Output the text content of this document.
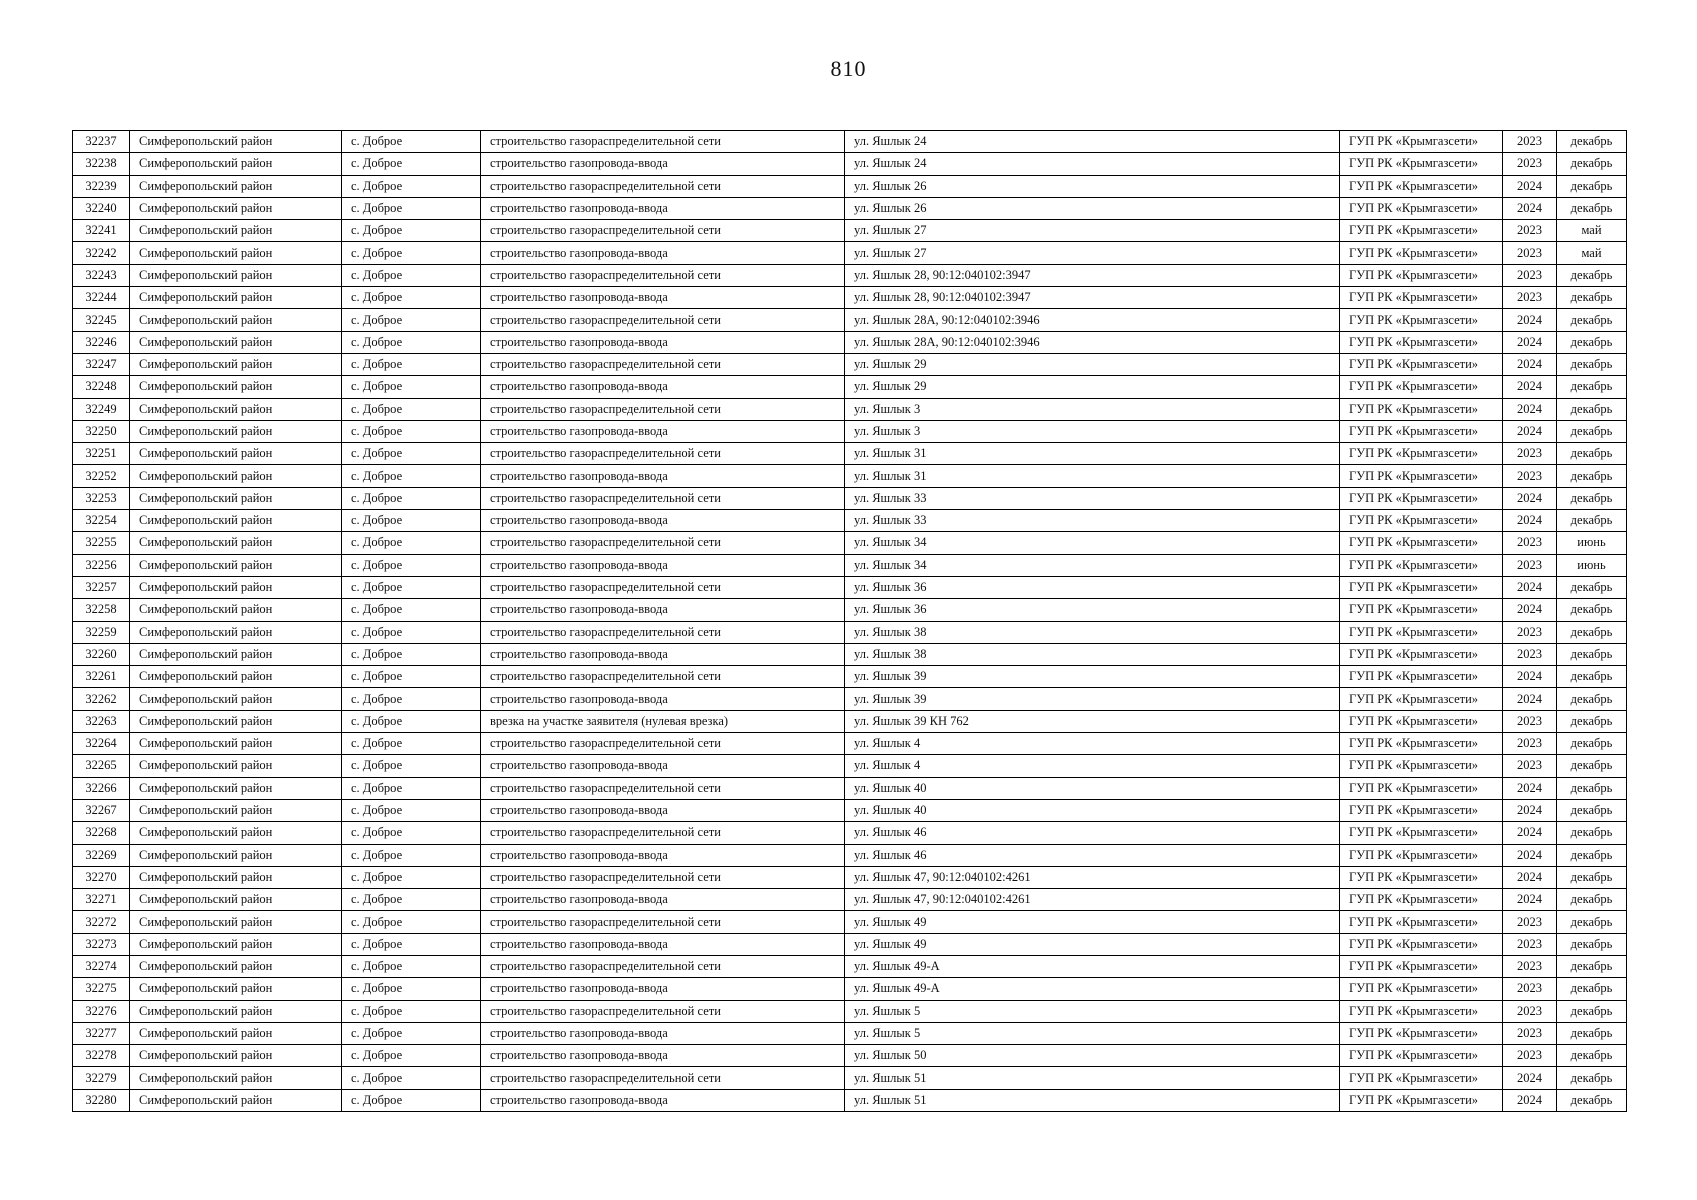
810
32237	Симферопольский район	с. Доброе	строительство газораспределительной сети	ул. Яшлык 24	ГУП РК «Крымгазсети»	2023	декабрь
32238	Симферопольский район	с. Доброе	строительство газопровода-ввода	ул. Яшлык 24	ГУП РК «Крымгазсети»	2023	декабрь
32239	Симферопольский район	с. Доброе	строительство газораспределительной сети	ул. Яшлык 26	ГУП РК «Крымгазсети»	2024	декабрь
32240	Симферопольский район	с. Доброе	строительство газопровода-ввода	ул. Яшлык 26	ГУП РК «Крымгазсети»	2024	декабрь
32241	Симферопольский район	с. Доброе	строительство газораспределительной сети	ул. Яшлык 27	ГУП РК «Крымгазсети»	2023	май
32242	Симферопольский район	с. Доброе	строительство газопровода-ввода	ул. Яшлык 27	ГУП РК «Крымгазсети»	2023	май
32243	Симферопольский район	с. Доброе	строительство газораспределительной сети	ул. Яшлык 28, 90:12:040102:3947	ГУП РК «Крымгазсети»	2023	декабрь
32244	Симферопольский район	с. Доброе	строительство газопровода-ввода	ул. Яшлык 28, 90:12:040102:3947	ГУП РК «Крымгазсети»	2023	декабрь
32245	Симферопольский район	с. Доброе	строительство газораспределительной сети	ул. Яшлык 28А, 90:12:040102:3946	ГУП РК «Крымгазсети»	2024	декабрь
32246	Симферопольский район	с. Доброе	строительство газопровода-ввода	ул. Яшлык 28А, 90:12:040102:3946	ГУП РК «Крымгазсети»	2024	декабрь
32247	Симферопольский район	с. Доброе	строительство газораспределительной сети	ул. Яшлык 29	ГУП РК «Крымгазсети»	2024	декабрь
32248	Симферопольский район	с. Доброе	строительство газопровода-ввода	ул. Яшлык 29	ГУП РК «Крымгазсети»	2024	декабрь
32249	Симферопольский район	с. Доброе	строительство газораспределительной сети	ул. Яшлык 3	ГУП РК «Крымгазсети»	2024	декабрь
32250	Симферопольский район	с. Доброе	строительство газопровода-ввода	ул. Яшлык 3	ГУП РК «Крымгазсети»	2024	декабрь
32251	Симферопольский район	с. Доброе	строительство газораспределительной сети	ул. Яшлык 31	ГУП РК «Крымгазсети»	2023	декабрь
32252	Симферопольский район	с. Доброе	строительство газопровода-ввода	ул. Яшлык 31	ГУП РК «Крымгазсети»	2023	декабрь
32253	Симферопольский район	с. Доброе	строительство газораспределительной сети	ул. Яшлык 33	ГУП РК «Крымгазсети»	2024	декабрь
32254	Симферопольский район	с. Доброе	строительство газопровода-ввода	ул. Яшлык 33	ГУП РК «Крымгазсети»	2024	декабрь
32255	Симферопольский район	с. Доброе	строительство газораспределительной сети	ул. Яшлык 34	ГУП РК «Крымгазсети»	2023	июнь
32256	Симферопольский район	с. Доброе	строительство газопровода-ввода	ул. Яшлык 34	ГУП РК «Крымгазсети»	2023	июнь
32257	Симферопольский район	с. Доброе	строительство газораспределительной сети	ул. Яшлык 36	ГУП РК «Крымгазсети»	2024	декабрь
32258	Симферопольский район	с. Доброе	строительство газопровода-ввода	ул. Яшлык 36	ГУП РК «Крымгазсети»	2024	декабрь
32259	Симферопольский район	с. Доброе	строительство газораспределительной сети	ул. Яшлык 38	ГУП РК «Крымгазсети»	2023	декабрь
32260	Симферопольский район	с. Доброе	строительство газопровода-ввода	ул. Яшлык 38	ГУП РК «Крымгазсети»	2023	декабрь
32261	Симферопольский район	с. Доброе	строительство газораспределительной сети	ул. Яшлык 39	ГУП РК «Крымгазсети»	2024	декабрь
32262	Симферопольский район	с. Доброе	строительство газопровода-ввода	ул. Яшлык 39	ГУП РК «Крымгазсети»	2024	декабрь
32263	Симферопольский район	с. Доброе	врезка на участке заявителя (нулевая врезка)	ул. Яшлык 39 КН 762	ГУП РК «Крымгазсети»	2023	декабрь
32264	Симферопольский район	с. Доброе	строительство газораспределительной сети	ул. Яшлык 4	ГУП РК «Крымгазсети»	2023	декабрь
32265	Симферопольский район	с. Доброе	строительство газопровода-ввода	ул. Яшлык 4	ГУП РК «Крымгазсети»	2023	декабрь
32266	Симферопольский район	с. Доброе	строительство газораспределительной сети	ул. Яшлык 40	ГУП РК «Крымгазсети»	2024	декабрь
32267	Симферопольский район	с. Доброе	строительство газопровода-ввода	ул. Яшлык 40	ГУП РК «Крымгазсети»	2024	декабрь
32268	Симферопольский район	с. Доброе	строительство газораспределительной сети	ул. Яшлык 46	ГУП РК «Крымгазсети»	2024	декабрь
32269	Симферопольский район	с. Доброе	строительство газопровода-ввода	ул. Яшлык 46	ГУП РК «Крымгазсети»	2024	декабрь
32270	Симферопольский район	с. Доброе	строительство газораспределительной сети	ул. Яшлык 47, 90:12:040102:4261	ГУП РК «Крымгазсети»	2024	декабрь
32271	Симферопольский район	с. Доброе	строительство газопровода-ввода	ул. Яшлык 47, 90:12:040102:4261	ГУП РК «Крымгазсети»	2024	декабрь
32272	Симферопольский район	с. Доброе	строительство газораспределительной сети	ул. Яшлык 49	ГУП РК «Крымгазсети»	2023	декабрь
32273	Симферопольский район	с. Доброе	строительство газопровода-ввода	ул. Яшлык 49	ГУП РК «Крымгазсети»	2023	декабрь
32274	Симферопольский район	с. Доброе	строительство газораспределительной сети	ул. Яшлык 49-А	ГУП РК «Крымгазсети»	2023	декабрь
32275	Симферопольский район	с. Доброе	строительство газопровода-ввода	ул. Яшлык 49-А	ГУП РК «Крымгазсети»	2023	декабрь
32276	Симферопольский район	с. Доброе	строительство газораспределительной сети	ул. Яшлык 5	ГУП РК «Крымгазсети»	2023	декабрь
32277	Симферопольский район	с. Доброе	строительство газопровода-ввода	ул. Яшлык 5	ГУП РК «Крымгазсети»	2023	декабрь
32278	Симферопольский район	с. Доброе	строительство газопровода-ввода	ул. Яшлык 50	ГУП РК «Крымгазсети»	2023	декабрь
32279	Симферопольский район	с. Доброе	строительство газораспределительной сети	ул. Яшлык 51	ГУП РК «Крымгазсети»	2024	декабрь
32280	Симферопольский район	с. Доброе	строительство газопровода-ввода	ул. Яшлык 51	ГУП РК «Крымгазсети»	2024	декабрь
